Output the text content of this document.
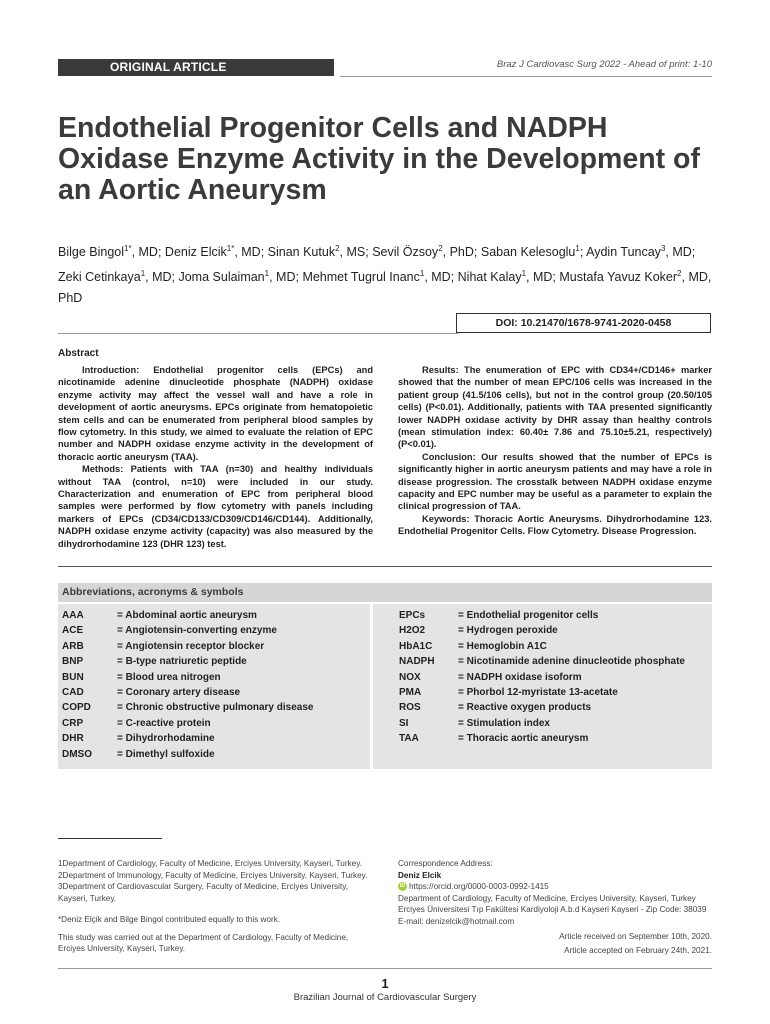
ORIGINAL ARTICLE	Braz J Cardiovasc Surg 2022 - Ahead of print: 1-10
Endothelial Progenitor Cells and NADPH Oxidase Enzyme Activity in the Development of an Aortic Aneurysm
Bilge Bingol$^{1*}$, MD; Deniz Elcik$^{1*}$, MD; Sinan Kutuk$^2$, MS; Sevil Özsoy$^2$, PhD; Saban Kelesoglu$^1$; Aydin Tuncay$^3$, MD; Zeki Cetinkaya$^1$, MD; Joma Sulaiman$^1$, MD; Mehmet Tugrul Inanc$^1$, MD; Nihat Kalay$^1$, MD; Mustafa Yavuz Koker$^2$, MD, PhD
DOI: 10.21470/1678-9741-2020-0458
Abstract

Introduction: Endothelial progenitor cells (EPCs) and nicotinamide adenine dinucleotide phosphate (NADPH) oxidase enzyme activity may affect the vessel wall and have a role in development of aortic aneurysms. EPCs originate from hematopoietic stem cells and can be enumerated from peripheral blood samples by flow cytometry. In this study, we aimed to evaluate the relation of EPC number and NADPH oxidase enzyme activity in the development of thoracic aortic aneurysm (TAA).

Methods: Patients with TAA (n=30) and healthy individuals without TAA (control, n=10) were included in our study. Characterization and enumeration of EPC from peripheral blood samples were performed by flow cytometry with panels including markers of EPCs (CD34/CD133/CD309/CD146/CD144). Additionally, NADPH oxidase enzyme activity (capacity) was also measured by the dihydrorhodamine 123 (DHR 123) test.

Results: The enumeration of EPC with CD34+/CD146+ marker showed that the number of mean EPC/106 cells was increased in the patient group (41.5/106 cells), but not in the control group (20.50/105 cells) (P<0.01). Additionally, patients with TAA presented significantly lower NADPH oxidase activity by DHR assay than healthy controls (mean stimulation index: 60.40± 7.86 and 75.10±5.21, respectively) (P<0.01).

Conclusion: Our results showed that the number of EPCs is significantly higher in aortic aneurysm patients and may have a role in disease progression. The crosstalk between NADPH oxidase enzyme capacity and EPC number may be useful as a parameter to explain the clinical progression of TAA.

Keywords: Thoracic Aortic Aneurysms. Dihydrorhodamine 123. Endothelial Progenitor Cells. Flow Cytometry. Disease Progression.

Abbreviations, acronyms & symbols
AAA	= Abdominal aortic aneurysm
ACE	= Angiotensin-converting enzyme
ARB	= Angiotensin receptor blocker
BNP	= B-type natriuretic peptide
BUN	= Blood urea nitrogen
CAD	= Coronary artery disease
COPD	= Chronic obstructive pulmonary disease
CRP	= C-reactive protein
DHR	= Dihydrorhodamine
DMSO	= Dimethyl sulfoxide
EPCs	= Endothelial progenitor cells
H2O2	= Hydrogen peroxide
HbA1C	= Hemoglobin A1C
NADPH	= Nicotinamide adenine dinucleotide phosphate
NOX	= NADPH oxidase isoform
PMA	= Phorbol 12-myristate 13-acetate
ROS	= Reactive oxygen products
SI	= Stimulation index
TAA	= Thoracic aortic aneurysm

1Department of Cardiology, Faculty of Medicine, Erciyes University, Kayseri, Turkey.

2Department of Immunology, Faculty of Medicine, Erciyes University, Kayseri, Turkey.

3Department of Cardiovascular Surgery, Faculty of Medicine, Erciyes University, Kayseri, Turkey.

*Deniz Elçik and Bilge Bingol contributed equally to this work.

This study was carried out at the Department of Cardiology, Faculty of Medicine, Erciyes University, Kayseri, Turkey.

Correspondence Address:

Deniz Elcik

iD https://orcid.org/0000-0003-0992-1415

Department of Cardiology, Faculty of Medicine, Erciyes University, Kayseri, Turkey

Erciyes Üniversitesi Tıp Fakültesi Kardiyoloji A.b.d Kayseri Kayseri - Zip Code: 38039

E-mail: denizelcik@hotmail.com

Article received on September 10th, 2020.

Article accepted on February 24th, 2021.

1
Brazilian Journal of Cardiovascular Surgery
